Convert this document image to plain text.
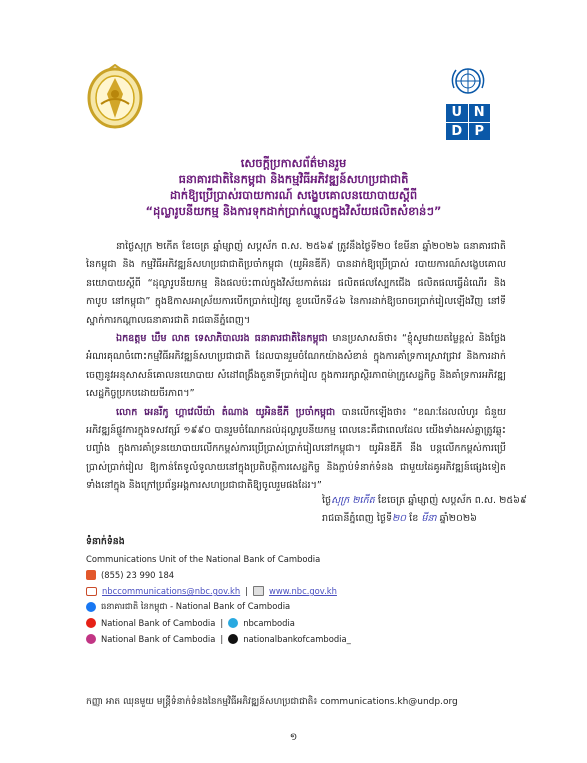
U N
D P
សេចក្តីប្រកាសព័ត៌មានរួម
ធនាគារជាតិនៃកម្ពុជា និងកម្មវិធីអភិវឌ្ឍន៍សហប្រជាជាតិ
ដាក់ឱ្យប្រើប្រាស់របាយការណ៍ សង្ខេបគោលនយោបាយស្តីពី
“ដុល្លារូបនីយកម្ម និងការទុកដាក់ប្រាក់ឈ្នួលក្នុងវិស័យផលិតសំខាន់ៗ”

នាថ្ងៃសុក្រ ២កើត ខែចេត្រ ឆ្នាំម្សាញ់ សប្តស័ក ព.ស. ២៥៦៩ ត្រូវនឹងថ្ងៃទី២០ ខែមីនា ឆ្នាំ២០២៦ ធនាគារជាតិនៃកម្ពុជា និង កម្មវិធីអភិវឌ្ឍន៍សហប្រជាជាតិប្រចាំកម្ពុជា (យូអិនឌីភី) បានដាក់ឱ្យប្រើប្រាស់ របាយការណ៍សង្ខេបគោលនយោបាយស្តីពី “ដុល្លារូបនីយកម្ម និងផលប៉ះពាល់ក្នុងវិស័យកាត់ដេរ ផលិតផលស្បែកជើង ផលិតផលធ្វើដំណើរ និងកាបូប នៅកម្ពុជា” ក្នុងឱកាសអាស្រ័យការបើកប្រាក់បៀវត្ស ខួបលើកទី៤៦ នៃការដាក់ឱ្យចរាចរប្រាក់រៀលឡើងវិញ នៅទីស្នាក់ការកណ្តាលធនាគារជាតិ រាជធានីភ្នំពេញ។

ឯកឧត្តម ឃឹម លាត ទេសាភិបាលរង ធនាគារជាតិនៃកម្ពុជា មានប្រសាសន៍ថា៖ “ខ្ញុំសូមវាយតម្លៃខ្ពស់ និងថ្លែងអំណរគុណចំពោះកម្មវិធីអភិវឌ្ឍន៍សហប្រជាជាតិ ដែលបានរួមចំណែកយ៉ាងសំខាន់ ក្នុងការគាំទ្រការស្រាវជ្រាវ និងការដាក់ចេញនូវអនុសាសន៍គោលនយោបាយ សំដៅពង្រឹងតួនាទីប្រាក់រៀល ក្នុងការរក្សាស្ថិរភាពម៉ាក្រូសេដ្ឋកិច្ច និងគាំទ្រការអភិវឌ្ឍសេដ្ឋកិច្ចប្រកបដោយចីរភាព។”

លោក អេនរីកូ ហ្គាវេលីយ៉ា តំណាង យូអិនឌីភី ប្រចាំកម្ពុជា បានលើកឡើងថា៖ “ខណៈដែលលំហូរ ជំនួយអភិវឌ្ឍន៍ផ្លូវការក្នុងទសវត្សរ៍ ១៩៩០ បានរួមចំណែកដល់ដុល្លារូបនីយកម្ម ពេលនេះគឺជាពេលដែល យើងទាំងអស់គ្នាត្រូវឆ្លុះបញ្ចាំង ក្នុងការគាំទ្រនយោបាយលើកកម្ពស់ការប្រើប្រាស់ប្រាក់រៀលនៅកម្ពុជា។ យូអិនឌីភី នឹង បន្តលើកកម្ពស់ការប្រើប្រាស់ប្រាក់រៀល ឱ្យកាន់តែទូលំទូលាយនៅក្នុងប្រតិបត្តិការសេដ្ឋកិច្ច និងភ្ជាប់ទំនាក់ទំនង ជាមួយដៃគូអភិវឌ្ឍន៍ផ្សេងទៀតទាំងនៅក្នុង និងក្រៅប្រព័ន្ធអង្គការសហប្រជាជាតិឱ្យចូលរួមផងដែរ។”

ថ្ងៃសុក្រ ២កើត ខែចេត្រ ឆ្នាំម្សាញ់ សប្តស័ក ព.ស. ២៥៦៩
រាជធានីភ្នំពេញ ថ្ងៃទី២០ ខែ មីនា ឆ្នាំ២០២៦
ទំនាក់ទំនង
Communications Unit of the National Bank of Cambodia
(855) 23 990 184
nbccommunications@nbc.gov.kh |	www.nbc.gov.kh
ធនាគារជាតិ នៃកម្ពុជា - National Bank of Cambodia
National Bank of Cambodia | nbcambodia
National Bank of Cambodia | nationalbankofcambodia_
កញ្ញា អាត ឈុនមួយ មន្ត្រីទំនាក់ទំនងនៃកម្មវិធីអភិវឌ្ឍន៍សហប្រជាជាតិ៖ communications.kh@undp.org
១
